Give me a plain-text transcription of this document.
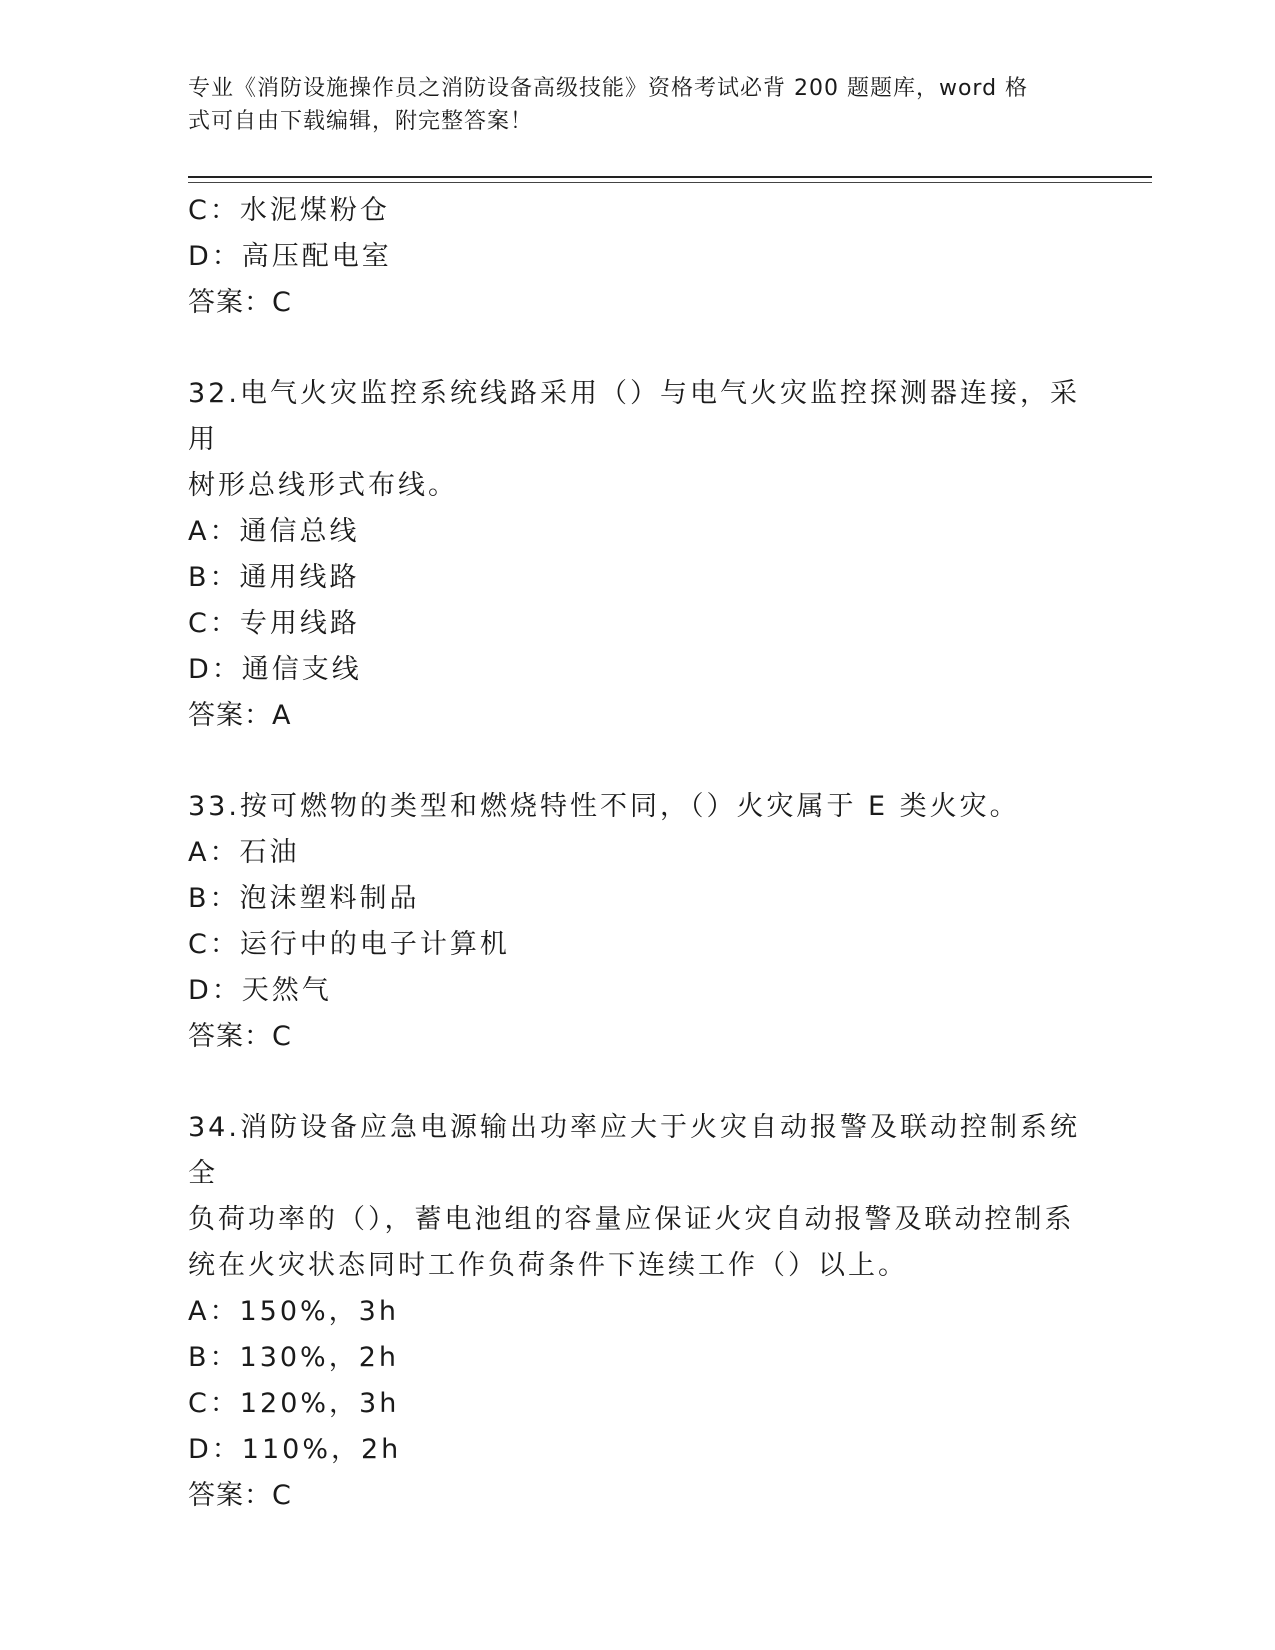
专业《消防设施操作员之消防设备高级技能》资格考试必背 200 题题库，word 格
式可自由下载编辑，附完整答案！
C：水泥煤粉仓
D：高压配电室
答案：C
32.电气火灾监控系统线路采用（）与电气火灾监控探测器连接，采用
树形总线形式布线。
A：通信总线
B：通用线路
C：专用线路
D：通信支线
答案：A
33.按可燃物的类型和燃烧特性不同，（）火灾属于 E 类火灾。
A：石油
B：泡沫塑料制品
C：运行中的电子计算机
D：天然气
答案：C
34.消防设备应急电源输出功率应大于火灾自动报警及联动控制系统全
负荷功率的（），蓄电池组的容量应保证火灾自动报警及联动控制系
统在火灾状态同时工作负荷条件下连续工作（）以上。
A：150%，3h
B：130%，2h
C：120%，3h
D：110%，2h
答案：C
